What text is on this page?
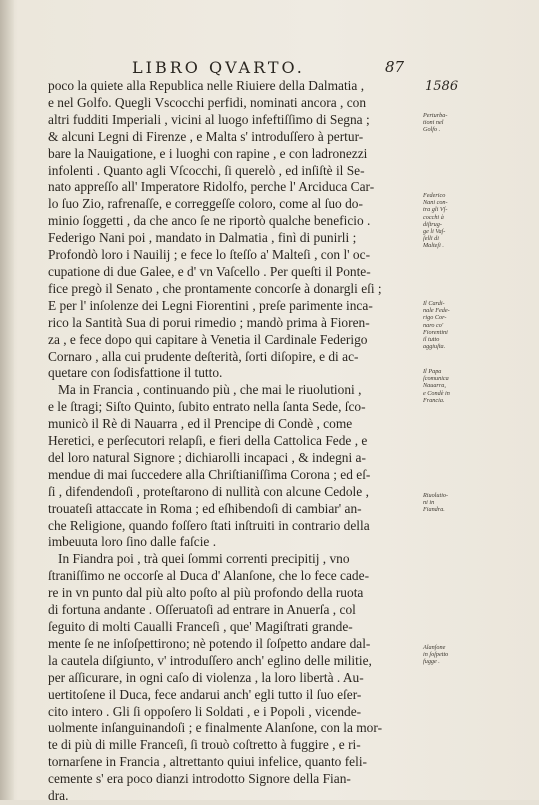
LIBRO QVARTO.	87
1586
poco la quiete alla Republica nelle Riuiere della Dalmatia ,
e nel Golfo. Quegli Vscocchi perfidi, nominati ancora , con
altri fudditi Imperiali , vicini al luogo infeftiſſimo di Segna ;
& alcuni Legni di Firenze , e Malta s' introduſſero à pertur-
bare la Nauigatione, e i luoghi con rapine , e con ladronezzi
infolenti . Quanto agli Vſcocchi, ſi querelò , ed inſiſtè il Se-
nato appreſſo all' Imperatore Ridolfo, perche l' Arciduca Car-
lo ſuo Zio, rafrenaſſe, e correggeſſe coloro, come al ſuo do-
minio ſoggetti , da che anco ſe ne riportò qualche beneficio .
Federigo Nani poi , mandato in Dalmatia , finì di punirli ;
Profondò loro i Nauilij ; e fece lo ſteſſo a' Malteſi , con l' oc-
cupatione di due Galee, e d' vn Vaſcello . Per queſti il Ponte-
fice pregò il Senato , che prontamente concorſe à donargli eſi ;
E per l' inſolenze dei Legni Fiorentini , preſe parimente inca-
rico la Santità Sua di porui rimedio ; mandò prima à Fioren-
za , e fece dopo qui capitare à Venetia il Cardinale Federigo
Cornaro , alla cui prudente deſterità, ſorti diſopire, e di ac-
quetare con ſodisfattione il tutto.
Ma in Francia , continuando più , che mai le riuolutioni ,
e le ſtragi; Siſto Quinto, ſubito entrato nella ſanta Sede, ſco-
municò il Rè di Nauarra , ed il Prencipe di Condè , come
Heretici, e perſecutori relapſi, e fieri della Cattolica Fede , e
del loro natural Signore ; dichiarolli incapaci , & indegni a-
mendue di mai ſuccedere alla Chriſtianiſſima Corona ; ed eſ-
ſi , difendendoſi , proteſtarono di nullità con alcune Cedole ,
trouateſi attaccate in Roma ; ed eſhibendoſi di cambiar' an-
che Religione, quando foſſero ſtati inſtruiti in contrario della
imbeuuta loro ſino dalle faſcie .
In Fiandra poi , trà quei ſommi correnti precipitij , vno
ſtraniſſimo ne occorſe al Duca d' Alanſone, che lo fece cade-
re in vn punto dal più alto poſto al più profondo della ruota
di fortuna andante . Oſſeruatoſi ad entrare in Anuerſa , col
ſeguito di molti Caualli Franceſi , que' Magiſtrati grande-
mente ſe ne inſoſpettirono; nè potendo il ſoſpetto andare dal-
la cautela diſgiunto, v' introduſſero anch' eglino delle militie,
per aſſicurare, in ogni caſo di violenza , la loro libertà . Au-
uertitoſene il Duca, fece andarui anch' egli tutto il ſuo eſer-
cito intero . Gli ſi oppoſero li Soldati , e i Popoli , vicende-
uolmente inſanguinandoſi ; e finalmente Alanſone, con la mor-
te di più di mille Franceſi, ſi trouò coſtretto à fuggire , e ri-
tornarſene in Francia , altrettanto quiui infelice, quanto feli-
cemente s' era poco dianzi introdotto Signore della Fian-
dra.
Perturba-
tioni nel
Golfo .
Federico
Nani con-
tra gli Vſ-
cocchi à
diſtrug-
ge li Vaſ-
ſelli di
Malteſi .
Il Cardi-
nale Fede-
rigo Cor-
naro co'
Fiorentini
il tutto
aggiuſta.
Il Papa
ſcomunica
Nauarra,
e Condè in
Francia.
Riuolutio-
ni in
Fiandra.
Alanſone
in ſoſpetto
fugge .
